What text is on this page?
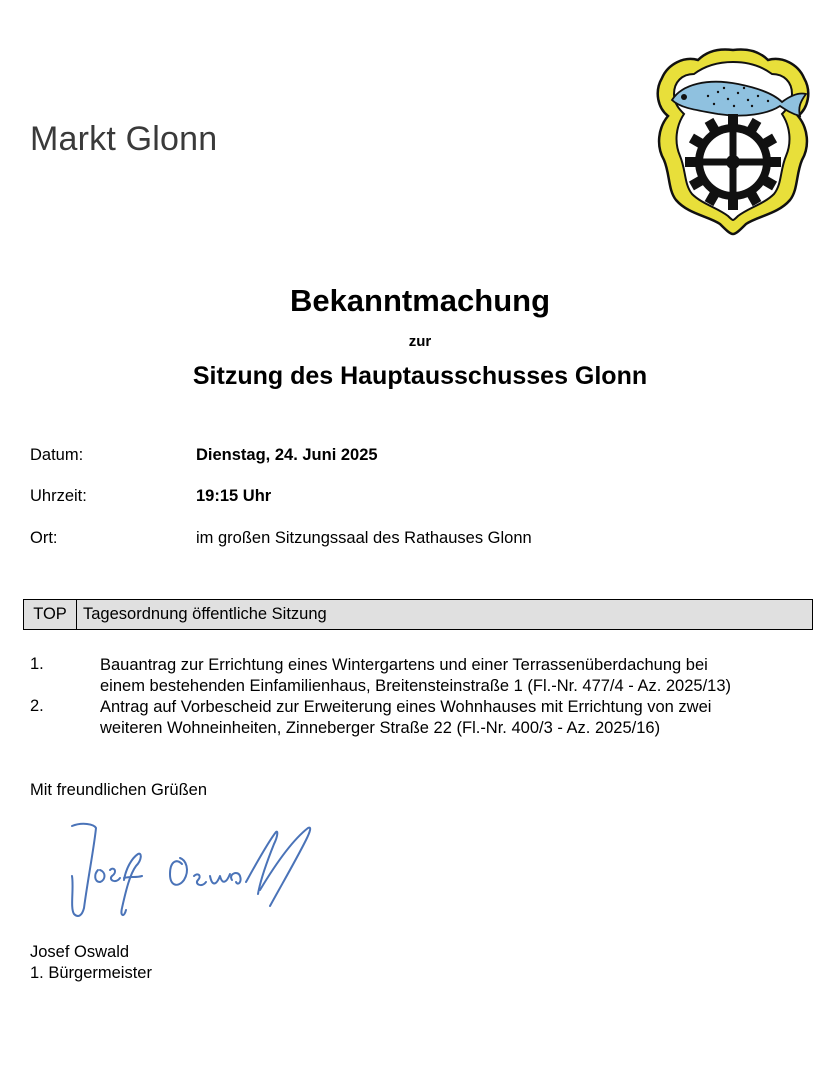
Markt Glonn
Bekanntmachung
zur
Sitzung des Hauptausschusses Glonn
Datum:	Dienstag, 24. Juni 2025
Uhrzeit:	19:15 Uhr
Ort:	im großen Sitzungssaal des Rathauses Glonn
TOP Tagesordnung öffentliche Sitzung
1.	Bauantrag zur Errichtung eines Wintergartens und einer Terrassenüberdachung bei
einem bestehenden Einfamilienhaus, Breitensteinstraße 1 (Fl.-Nr. 477/4 - Az. 2025/13)
2.	Antrag auf Vorbescheid zur Erweiterung eines Wohnhauses mit Errichtung von zwei
weiteren Wohneinheiten, Zinneberger Straße 22 (Fl.-Nr. 400/3 - Az. 2025/16)
Mit freundlichen Grüßen
Josef Oswald
1. Bürgermeister
